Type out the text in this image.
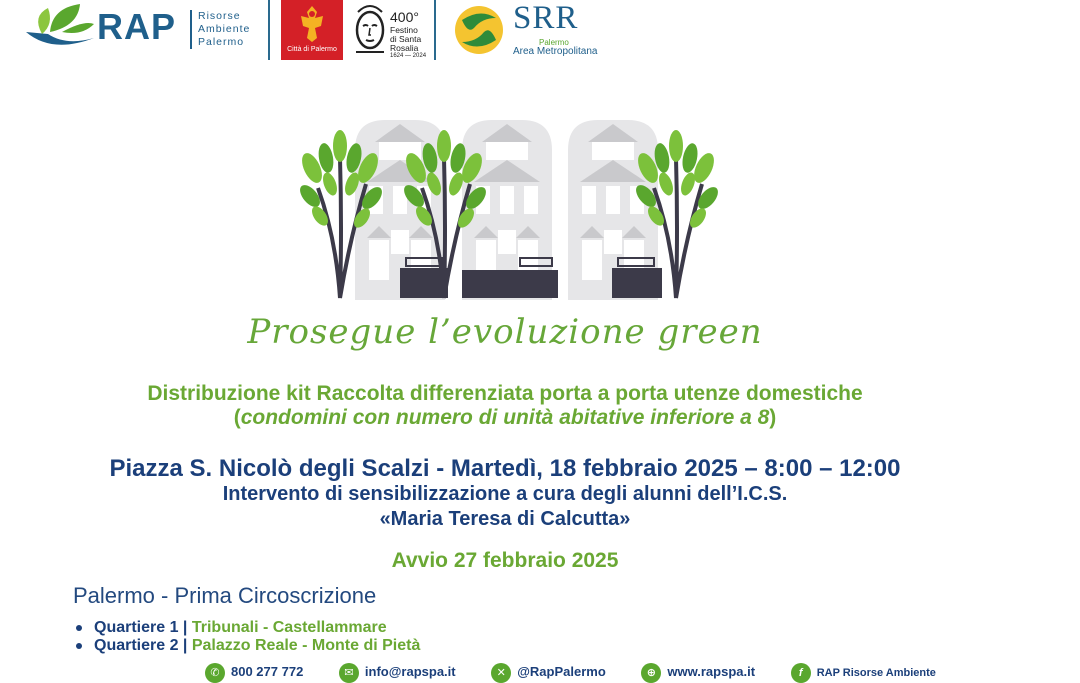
RAP Risorse
Ambiente
Palermo
Città di Palermo
400°
Festino
di Santa
Rosalia
1624 — 2024
SRR
Palermo
Area Metropolitana
Prosegue l’evoluzione green
Distribuzione kit Raccolta differenziata porta a porta utenze domestiche
(condomini con numero di unità abitative inferiore a 8)
Piazza S. Nicolò degli Scalzi - Martedì, 18 febbraio 2025 – 8:00 – 12:00
Intervento di sensibilizzazione a cura degli alunni dell’I.C.S.
«Maria Teresa di Calcutta»
Avvio 27 febbraio 2025
Palermo - Prima Circoscrizione
Quartiere 1 | Tribunali - Castellammare
Quartiere 2 | Palazzo Reale - Monte di Pietà
✆ 800 277 772	✉ info@rapspa.it	✕ @RapPalermo	⊕ www.rapspa.it	f RAP Risorse Ambiente
